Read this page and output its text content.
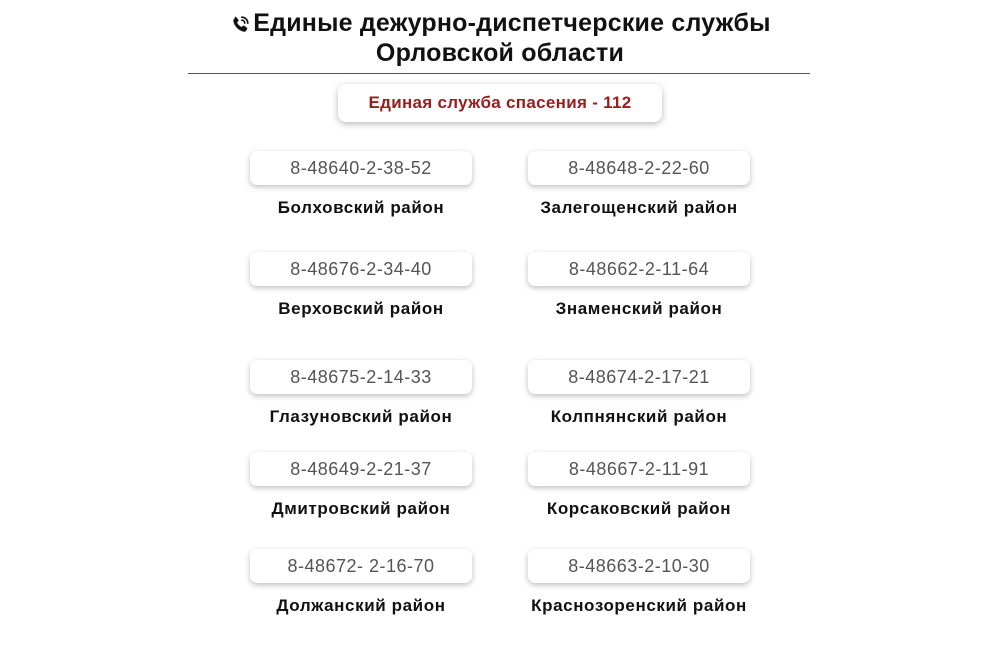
Единые дежурно-диспетчерские службы
Орловской области
Единая служба спасения - 112
8-48640-2-38-52
Болховский район
8-48676-2-34-40
Верховский район
8-48675-2-14-33
Глазуновский район
8-48649-2-21-37
Дмитровский район
8-48672- 2-16-70
Должанский район
8-48648-2-22-60
Залегощенский район
8-48662-2-11-64
Знаменский район
8-48674-2-17-21
Колпнянский район
8-48667-2-11-91
Корсаковский район
8-48663-2-10-30
Краснозоренский район
